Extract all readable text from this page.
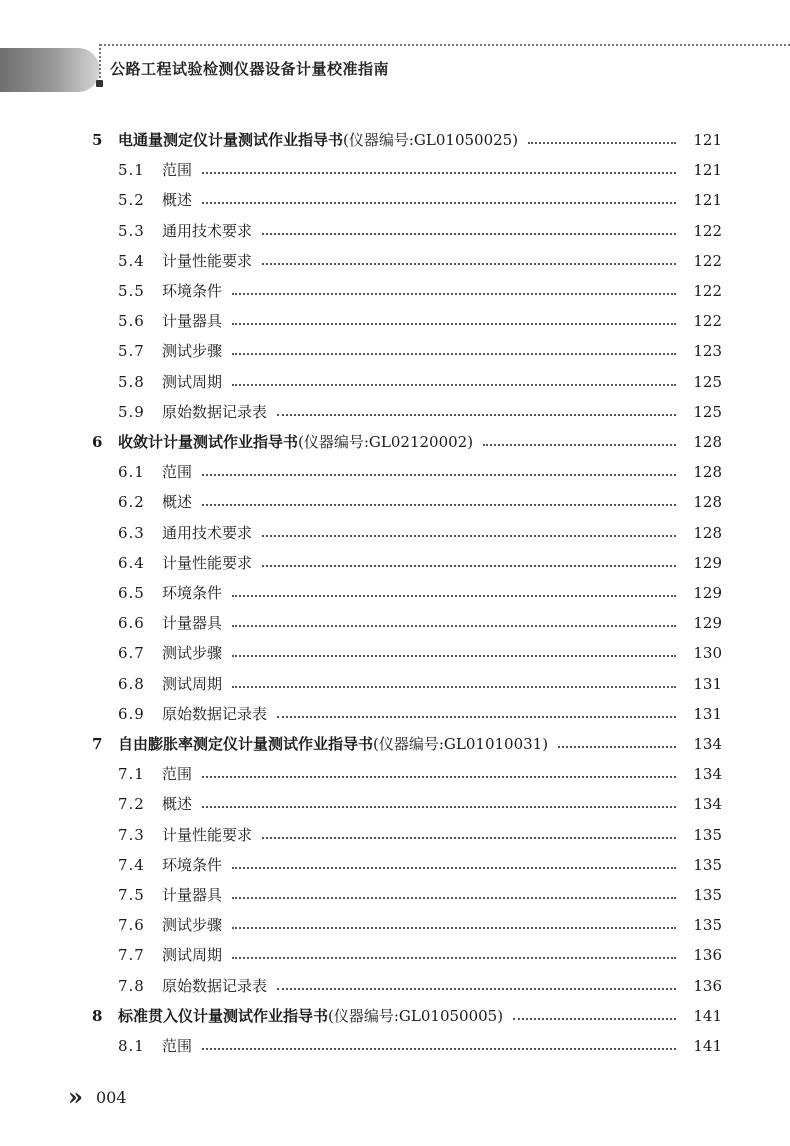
公路工程试验检测仪器设备计量校准指南
5 电通量测定仪计量测试作业指导书(仪器编号:GL01050025)	121
5.1 范围	121
5.2 概述	121
5.3 通用技术要求	122
5.4 计量性能要求	122
5.5 环境条件	122
5.6 计量器具	122
5.7 测试步骤	123
5.8 测试周期	125
5.9 原始数据记录表	125
6 收敛计计量测试作业指导书(仪器编号:GL02120002)	128
6.1 范围	128
6.2 概述	128
6.3 通用技术要求	128
6.4 计量性能要求	129
6.5 环境条件	129
6.6 计量器具	129
6.7 测试步骤	130
6.8 测试周期	131
6.9 原始数据记录表	131
7 自由膨胀率测定仪计量测试作业指导书(仪器编号:GL01010031)	134
7.1 范围	134
7.2 概述	134
7.3 计量性能要求	135
7.4 环境条件	135
7.5 计量器具	135
7.6 测试步骤	135
7.7 测试周期	136
7.8 原始数据记录表	136
8 标准贯入仪计量测试作业指导书(仪器编号:GL01050005)	141
8.1 范围	141
» 004
